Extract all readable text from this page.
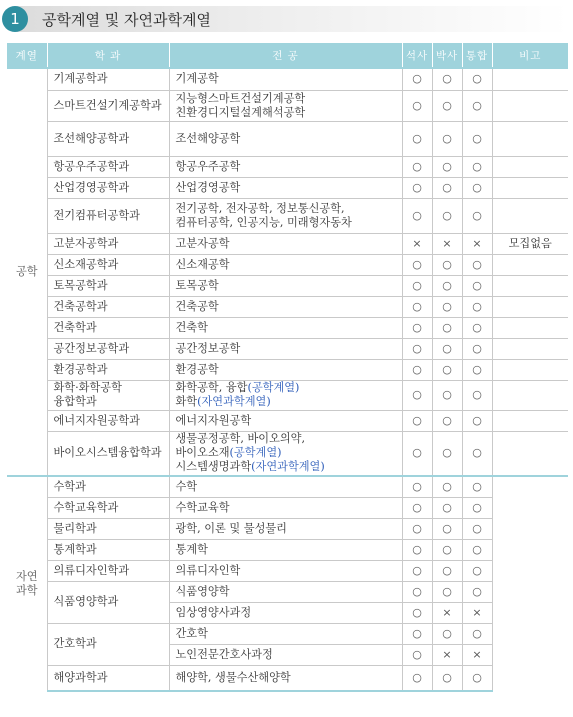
1	공학계열 및 자연과학계열
계열	학 과	전 공	석사	박사	통합	비고
공학	기계공학과	기계공학	○	○	○	
	스마트건설기계공학과	지능형스마트건설기계공학
친환경디지털설계해석공학	○	○	○	
	조선해양공학과	조선해양공학	○	○	○	
	항공우주공학과	항공우주공학	○	○	○	
	산업경영공학과	산업경영공학	○	○	○	
	전기컴퓨터공학과	전기공학, 전자공학, 정보통신공학,
컴퓨터공학, 인공지능, 미래형자동차	○	○	○	
	고분자공학과	고분자공학	×	×	×	모집없음
	신소재공학과	신소재공학	○	○	○	
	토목공학과	토목공학	○	○	○	
	건축공학과	건축공학	○	○	○	
	건축학과	건축학	○	○	○	
	공간정보공학과	공간정보공학	○	○	○	
	환경공학과	환경공학	○	○	○	
	화학·화학공학
융합학과	화학공학, 융합(공학계열)
화학(자연과학계열)	○	○	○	
	에너지자원공학과	에너지자원공학	○	○	○	
	바이오시스템융합학과	생물공정공학, 바이오의약,
바이오소재(공학계열)
시스템생명과학(자연과학계열)	○	○	○	
자연
과학	수학과	수학	○	○	○	
	수학교육학과	수학교육학	○	○	○	
	물리학과	광학, 이론 및 물성물리	○	○	○	
	통계학과	통계학	○	○	○	
	의류디자인학과	의류디자인학	○	○	○	
	식품영양학과	식품영양학	○	○	○	
		임상영양사과정	○	×	×	
	간호학과	간호학	○	○	○	
		노인전문간호사과정	○	×	×	
	해양과학과	해양학, 생물수산해양학	○	○	○	
